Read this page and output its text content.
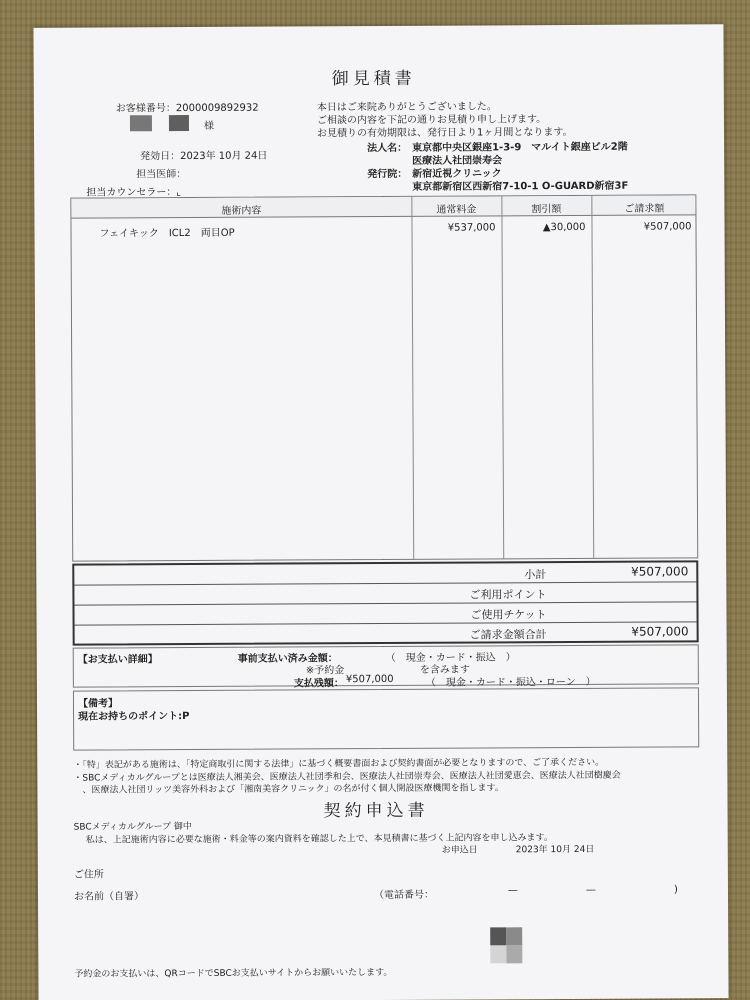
御見積書
お客様番号：2000009892932
様
発効日：2023年 10月 24日
担当医師：
担当カウンセラー：⌞
本日はご来院ありがとうございました。
ご相談の内容を下記の通りお見積り申し上げます。
お見積りの有効期限は、発行日より1ヶ月間となります。
法人名： 東京都中央区銀座1-3-9　マルイト銀座ビル2階
医療法人社団崇寿会
発行院： 新宿近視クリニック
東京都新宿区西新宿7-10-1 O-GUARD新宿3F
施術内容	通常料金	割引額	ご請求額
フェイキック　ICL2　両目OP	¥537,000	▲30,000	¥507,000
小計	¥507,000
ご利用ポイント
ご使用チケット
ご請求金額合計	¥507,000
【お支払い詳細】	事前支払い済み金額：	（　現金・カード・振込　）
※予約金	を含みます
支払残額： ¥507,000	（　現金・カード・振込・ローン　）
【備考】
現在お持ちのポイント:P
・「特」表記がある施術は、「特定商取引に関する法律」に基づく概要書面および契約書面が必要となりますので、ご了承ください。
・SBCメディカルグループとは医療法人湘美会、医療法人社団季和会、医療法人社団崇寿会、医療法人社団愛恵会、医療法人社団樹慶会
　、医療法人社団リッツ美容外科および「湘南美容クリニック」の名が付く個人開設医療機関を指します。
契約申込書
SBCメディカルグループ 御中
私は、上記施術内容に必要な施術・料金等の案内資料を確認した上で、本見積書に基づく上記内容を申し込みます。
お申込日	2023年 10月 24日
ご住所
お名前（自署）	（電話番号：	—	—	)
予約金のお支払いは、QRコードでSBCお支払いサイトからお願いいたします。
